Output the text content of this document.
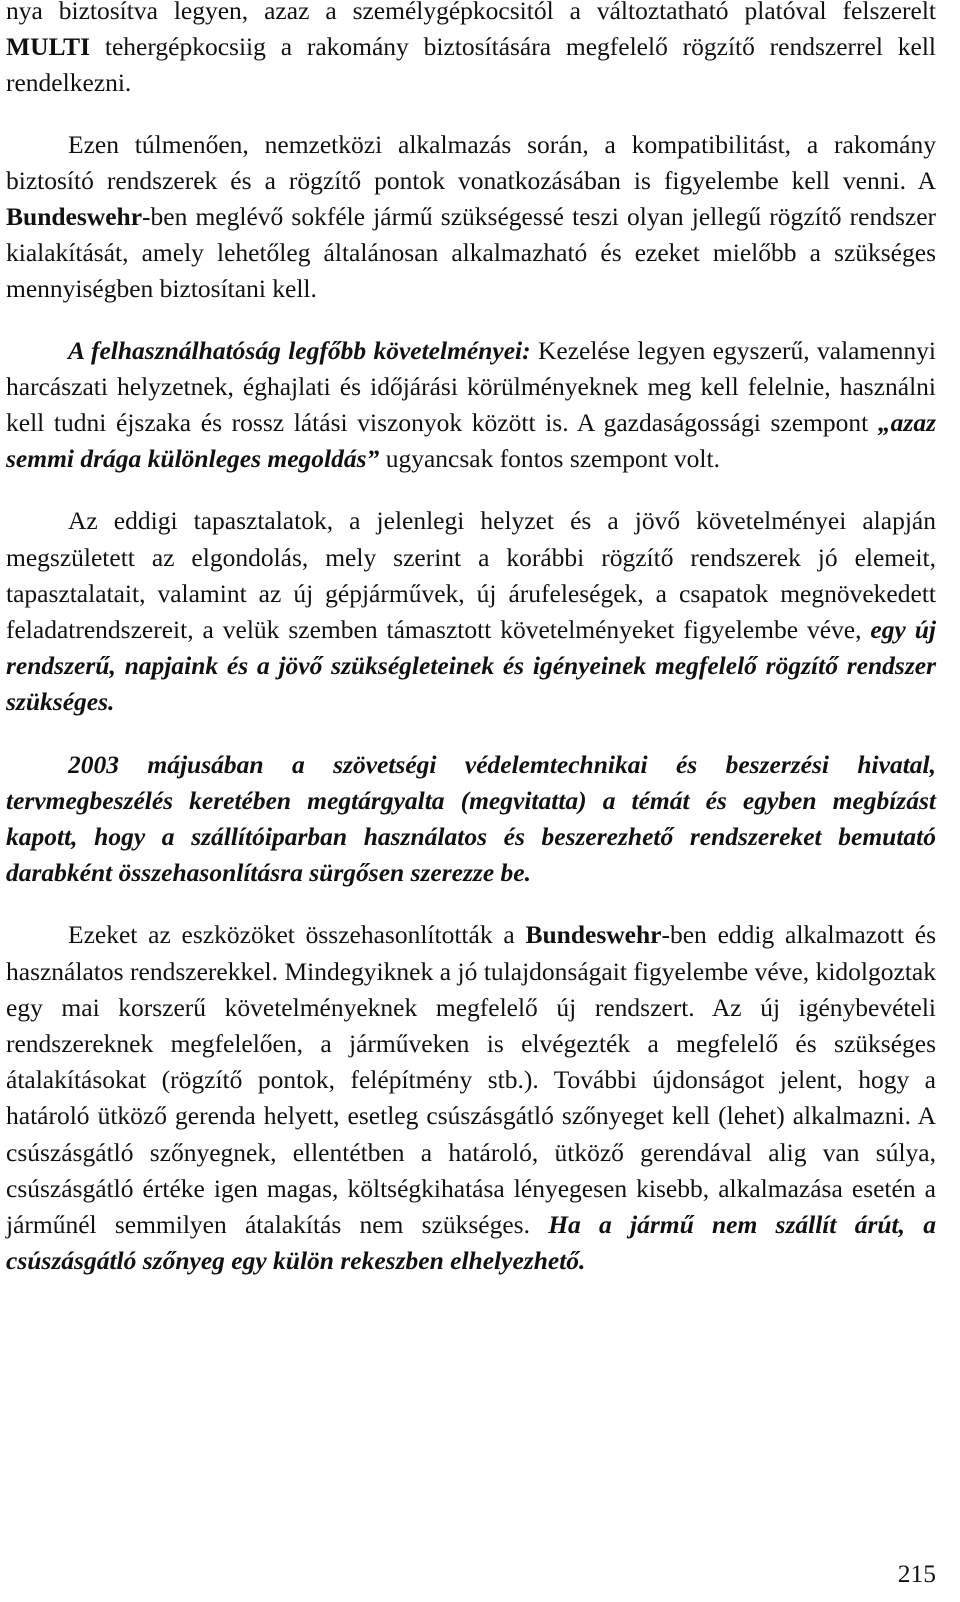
nya biztosítva legyen, azaz a személygépkocsitól a változtatható platóval felszerelt MULTI tehergépkocsiig a rakomány biztosítására megfelelő rögzítő rendszerrel kell rendelkezni.

Ezen túlmenően, nemzetközi alkalmazás során, a kompatibilitást, a rakomány biztosító rendszerek és a rögzítő pontok vonatkozásában is figyelembe kell venni. A Bundeswehr-ben meglévő sokféle jármű szükségessé teszi olyan jellegű rögzítő rendszer kialakítását, amely lehetőleg általánosan alkalmazható és ezeket mielőbb a szükséges mennyiségben biztosítani kell.

A felhasználhatóság legfőbb követelményei: Kezelése legyen egyszerű, valamennyi harcászati helyzetnek, éghajlati és időjárási körülményeknek meg kell felelnie, használni kell tudni éjszaka és rossz látási viszonyok között is. A gazdaságossági szempont „azaz semmi drága különleges megoldás” ugyancsak fontos szempont volt.

Az eddigi tapasztalatok, a jelenlegi helyzet és a jövő követelményei alapján megszületett az elgondolás, mely szerint a korábbi rögzítő rendszerek jó elemeit, tapasztalatait, valamint az új gépjárművek, új árufeleségek, a csapatok megnövekedett feladatrendszereit, a velük szemben támasztott követelményeket figyelembe véve, egy új rendszerű, napjaink és a jövő szükségleteinek és igényeinek megfelelő rögzítő rendszer szükséges.

2003 májusában a szövetségi védelemtechnikai és beszerzési hivatal, tervmegbeszélés keretében megtárgyalta (megvitatta) a témát és egyben megbízást kapott, hogy a szállítóiparban használatos és beszerezhető rendszereket bemutató darabként összehasonlításra sürgősen szerezze be.

Ezeket az eszközöket összehasonlították a Bundeswehr-ben eddig alkalmazott és használatos rendszerekkel. Mindegyiknek a jó tulajdonságait figyelembe véve, kidolgoztak egy mai korszerű követelményeknek megfelelő új rendszert. Az új igénybevételi rendszereknek megfelelően, a járműveken is elvégezték a megfelelő és szükséges átalakításokat (rögzítő pontok, felépítmény stb.). További újdonságot jelent, hogy a határoló ütköző gerenda helyett, esetleg csúszásgátló szőnyeget kell (lehet) alkalmazni. A csúszásgátló szőnyegnek, ellentétben a határoló, ütköző gerendával alig van súlya, csúszásgátló értéke igen magas, költségkihatása lényegesen kisebb, alkalmazása esetén a járműnél semmilyen átalakítás nem szükséges. Ha a jármű nem szállít árút, a csúszásgátló szőnyeg egy külön rekeszben elhelyezhető.

215
